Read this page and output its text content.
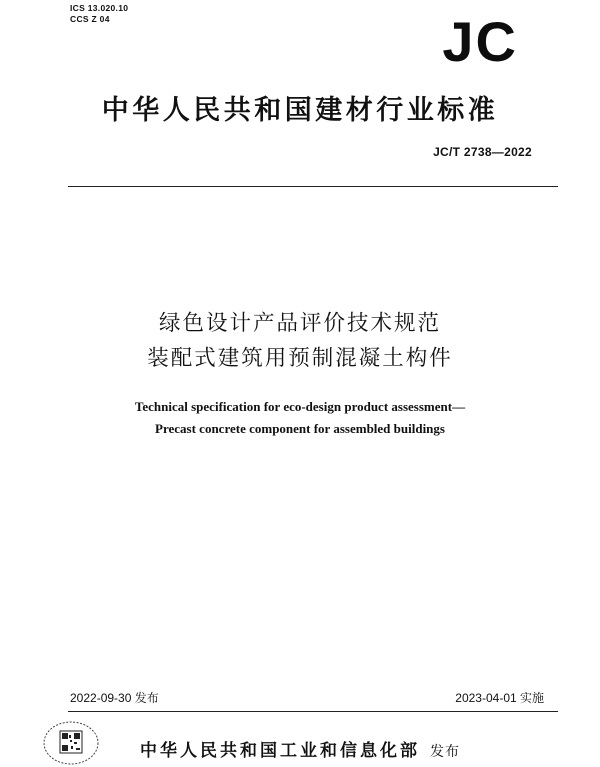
ICS 13.020.10
CCS Z 04	JC
中华人民共和国建材行业标准
JC/T 2738—2022
绿色设计产品评价技术规范
装配式建筑用预制混凝土构件
Technical specification for eco-design product assessment—
Precast concrete component for assembled buildings
2022-09-30 发布	2023-04-01 实施
中华人民共和国工业和信息化部 发布
